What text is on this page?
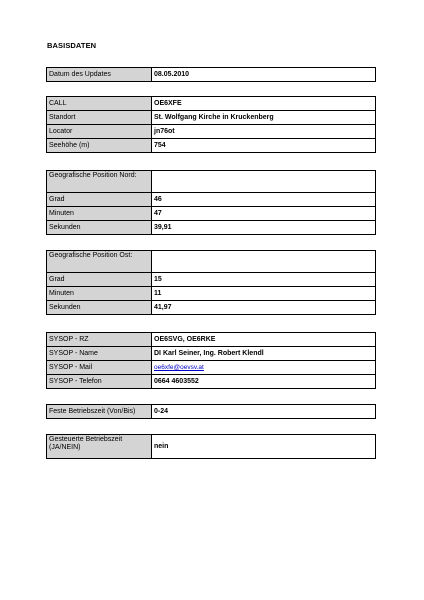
BASISDATEN
Datum des Updates	08.05.2010
CALL	OE6XFE
Standort	St. Wolfgang Kirche in Kruckenberg
Locator	jn76ot
Seehöhe (m)	754
Geografische Position Nord:	
Grad	46
Minuten	47
Sekunden	39,91
Geografische Position Ost:	
Grad	15
Minuten	11
Sekunden	41,97
SYSOP - RZ	OE6SVG, OE6RKE
SYSOP - Name	DI Karl Seiner, Ing. Robert Klendl
SYSOP - Mail	oe6xfe@oevsv.at
SYSOP - Telefon	0664 4603552
Feste Betriebszeit (Von/Bis)	0-24
Gesteuerte Betriebszeit (JA/NEIN)	nein
